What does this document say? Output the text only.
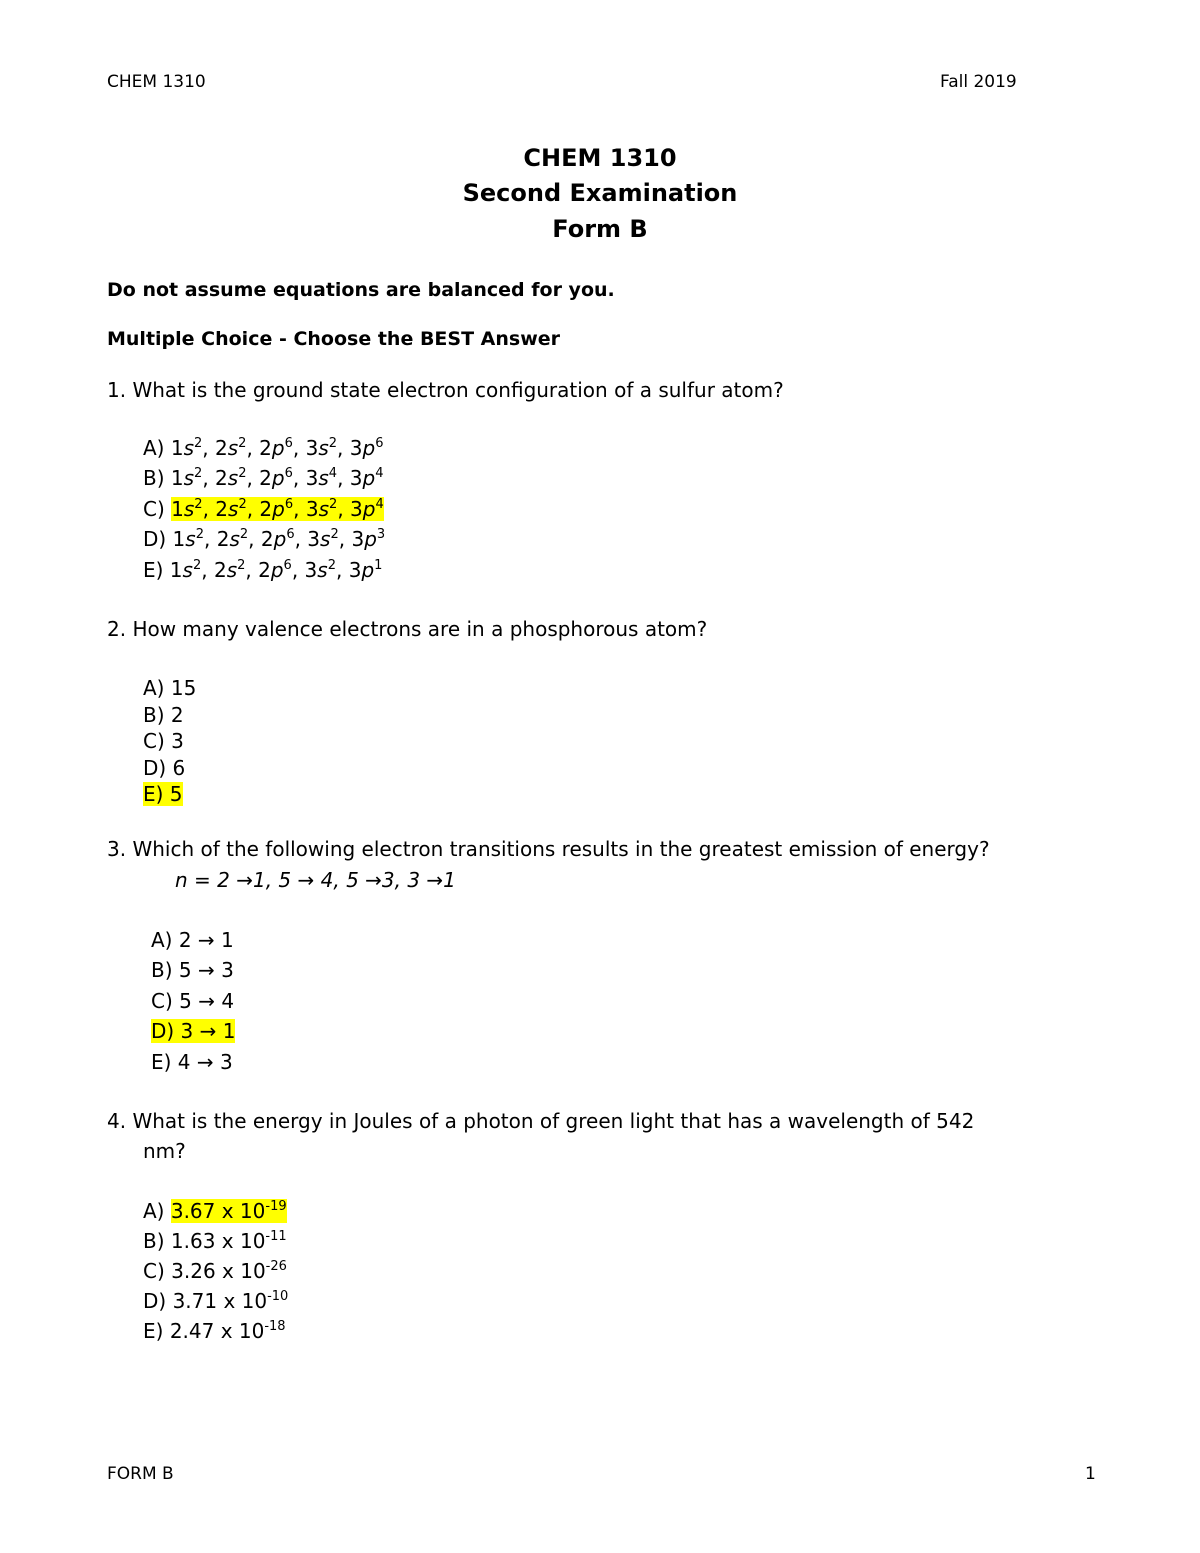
CHEM 1310	Fall 2019
CHEM 1310
Second Examination
Form B
Do not assume equations are balanced for you.
Multiple Choice - Choose the BEST Answer
1. What is the ground state electron configuration of a sulfur atom?
A) $1s^2$, $2s^2$, $2p^6$, $3s^2$, $3p^6$
B) $1s^2$, $2s^2$, $2p^6$, $3s^4$, $3p^4$
C) $1s^2$, $2s^2$, $2p^6$, $3s^2$, $3p^4$
D) $1s^2$, $2s^2$, $2p^6$, $3s^2$, $3p^3$
E) $1s^2$, $2s^2$, $2p^6$, $3s^2$, $3p^1$
2. How many valence electrons are in a phosphorous atom?
A) 15
B) 2
C) 3
D) 6
E) 5
3. Which of the following electron transitions results in the greatest emission of energy?
n = 2 →1, 5 → 4, 5 →3, 3 →1
A) 2 → 1
B) 5 → 3
C) 5 → 4
D) 3 → 1
E) 4 → 3
4. What is the energy in Joules of a photon of green light that has a wavelength of 542
nm?
A) 3.67 x $10^{-19}$
B) 1.63 x $10^{-11}$
C) 3.26 x $10^{-26}$
D) 3.71 x $10^{-10}$
E) 2.47 x $10^{-18}$
FORM B	1
